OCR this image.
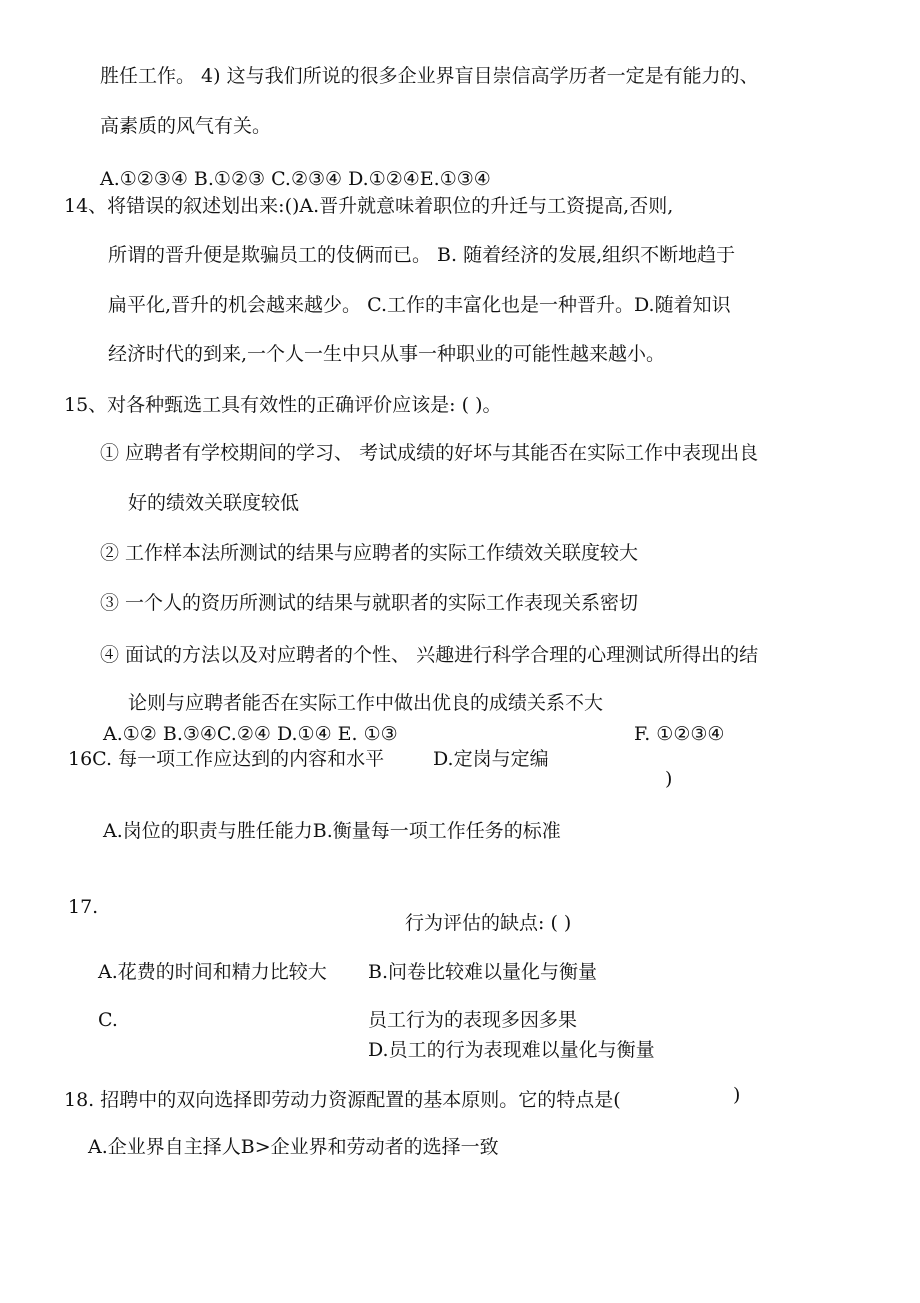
胜任工作。 4) 这与我们所说的很多企业界盲目崇信高学历者一定是有能力的、
高素质的风气有关。
A.①②③④ B.①②③ C.②③④ D.①②④E.①③④
14、将错误的叙述划出来:()A.晋升就意味着职位的升迁与工资提高,否则,
所谓的晋升便是欺骗员工的伎俩而已。 B. 随着经济的发展,组织不断地趋于
扁平化,晋升的机会越来越少。 C.工作的丰富化也是一种晋升。D.随着知识
经济时代的到来,一个人一生中只从事一种职业的可能性越来越小。
15、对各种甄选工具有效性的正确评价应该是: ( )。
① 应聘者有学校期间的学习、 考试成绩的好坏与其能否在实际工作中表现出良
好的绩效关联度较低
② 工作样本法所测试的结果与应聘者的实际工作绩效关联度较大
③ 一个人的资历所测试的结果与就职者的实际工作表现关系密切
④ 面试的方法以及对应聘者的个性、 兴趣进行科学合理的心理测试所得出的结
论则与应聘者能否在实际工作中做出优良的成绩关系不大
A.①② B.③④C.②④ D.①④ E. ①③	F. ①②③④
16C. 每一项工作应达到的内容和水平	D.定岗与定编
)
A.岗位的职责与胜任能力B.衡量每一项工作任务的标准
17.
行为评估的缺点: ( )
A.花费的时间和精力比较大 B.问卷比较难以量化与衡量
C.	员工行为的表现多因多果
D.员工的行为表现难以量化与衡量
18. 招聘中的双向选择即劳动力资源配置的基本原则。它的特点是(	)
A.企业界自主择人B>企业界和劳动者的选择一致
